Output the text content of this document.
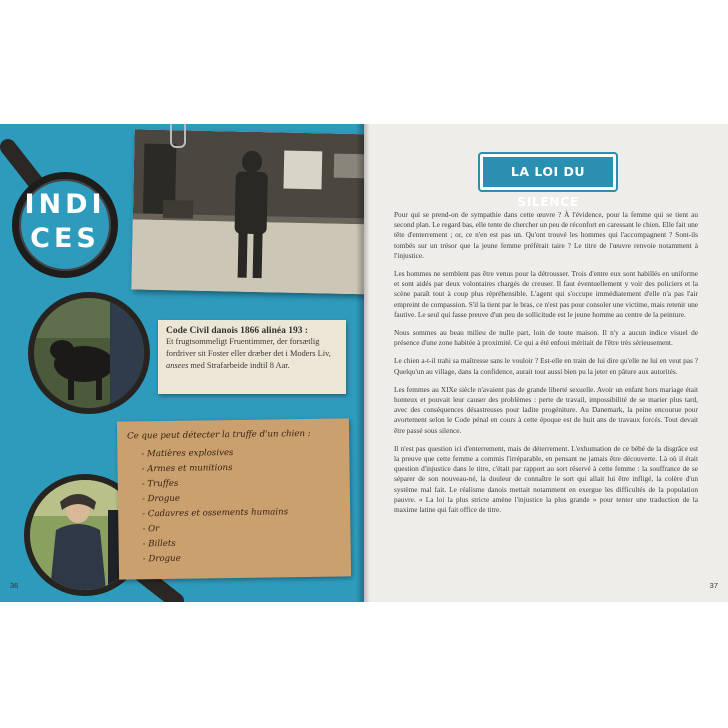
INDI
CES
Code Civil danois 1866 alinéa 193 :
Et frugtsommeligt Fruentimmer, der forsætlig
fordriver sit Foster eller dræber det i Moders Liv,
ansees med Strafarbeide indtil 8 Aar.
Ce que peut détecter la truffe d'un chien :
- Matières explosives
- Armes et munitions
- Truffes
- Drogue
- Cadavres et ossements humains
- Or
- Billets
- Drogue
36
LA LOI DU SILENCE

Pour qui se prend-on de sympathie dans cette œuvre ? À l'évidence, pour la femme qui se tient au second plan. Le regard bas, elle tente de chercher un peu de réconfort en caressant le chien. Elle fait une tête d'enterrement ; or, ce n'en est pas un. Qu'ont trouvé les hommes qui l'accompagnent ? Sont-ils tombés sur un trésor que la jeune femme préférait taire ? Le titre de l'œuvre renvoie notamment à l'injustice.

Les hommes ne semblent pas être venus pour la détrousser. Trois d'entre eux sont habillés en uniforme et sont aidés par deux volontaires chargés de creuser. Il faut éventuellement y voir des policiers et la scène paraît tout à coup plus répréhensible. L'agent qui s'occupe immédiatement d'elle n'a pas l'air empreint de compassion. S'il la tient par le bras, ce n'est pas pour consoler une victime, mais retenir une fautive. Le seul qui fasse preuve d'un peu de sollicitude est le jeune homme au centre de la peinture.

Nous sommes au beau milieu de nulle part, loin de toute maison. Il n'y a aucun indice visuel de présence d'une zone habitée à proximité. Ce qui a été enfoui méritait de l'être très sérieusement.

Le chien a-t-il trahi sa maîtresse sans le vouloir ? Est-elle en train de lui dire qu'elle ne lui en veut pas ? Quelqu'un au village, dans la confidence, aurait tout aussi bien pu la jeter en pâture aux autorités.

Les femmes au XIXe siècle n'avaient pas de grande liberté sexuelle. Avoir un enfant hors mariage était honteux et pouvait leur causer des problèmes : perte de travail, impossibilité de se marier plus tard, avec des conséquences désastreuses pour ladite progéniture. Au Danemark, la peine encourue pour avortement selon le Code pénal en cours à cette époque est de huit ans de travaux forcés. Tout devait être passé sous silence.

Il n'est pas question ici d'enterrement, mais de déterrement. L'exhumation de ce bébé de la disgrâce est la preuve que cette femme a commis l'irréparable, en pensant ne jamais être découverte. Là où il était question d'injustice dans le titre, c'était par rapport au sort réservé à cette femme : la souffrance de se séparer de son nouveau-né, la douleur de connaître le sort qui allait lui être infligé, la colère d'un système mal fait. Le réalisme danois mettait notamment en exergue les difficultés de la population pauvre. « La loi la plus stricte amène l'injustice la plus grande » pour tenter une traduction de la maxime latine qui fait office de titre.

37
